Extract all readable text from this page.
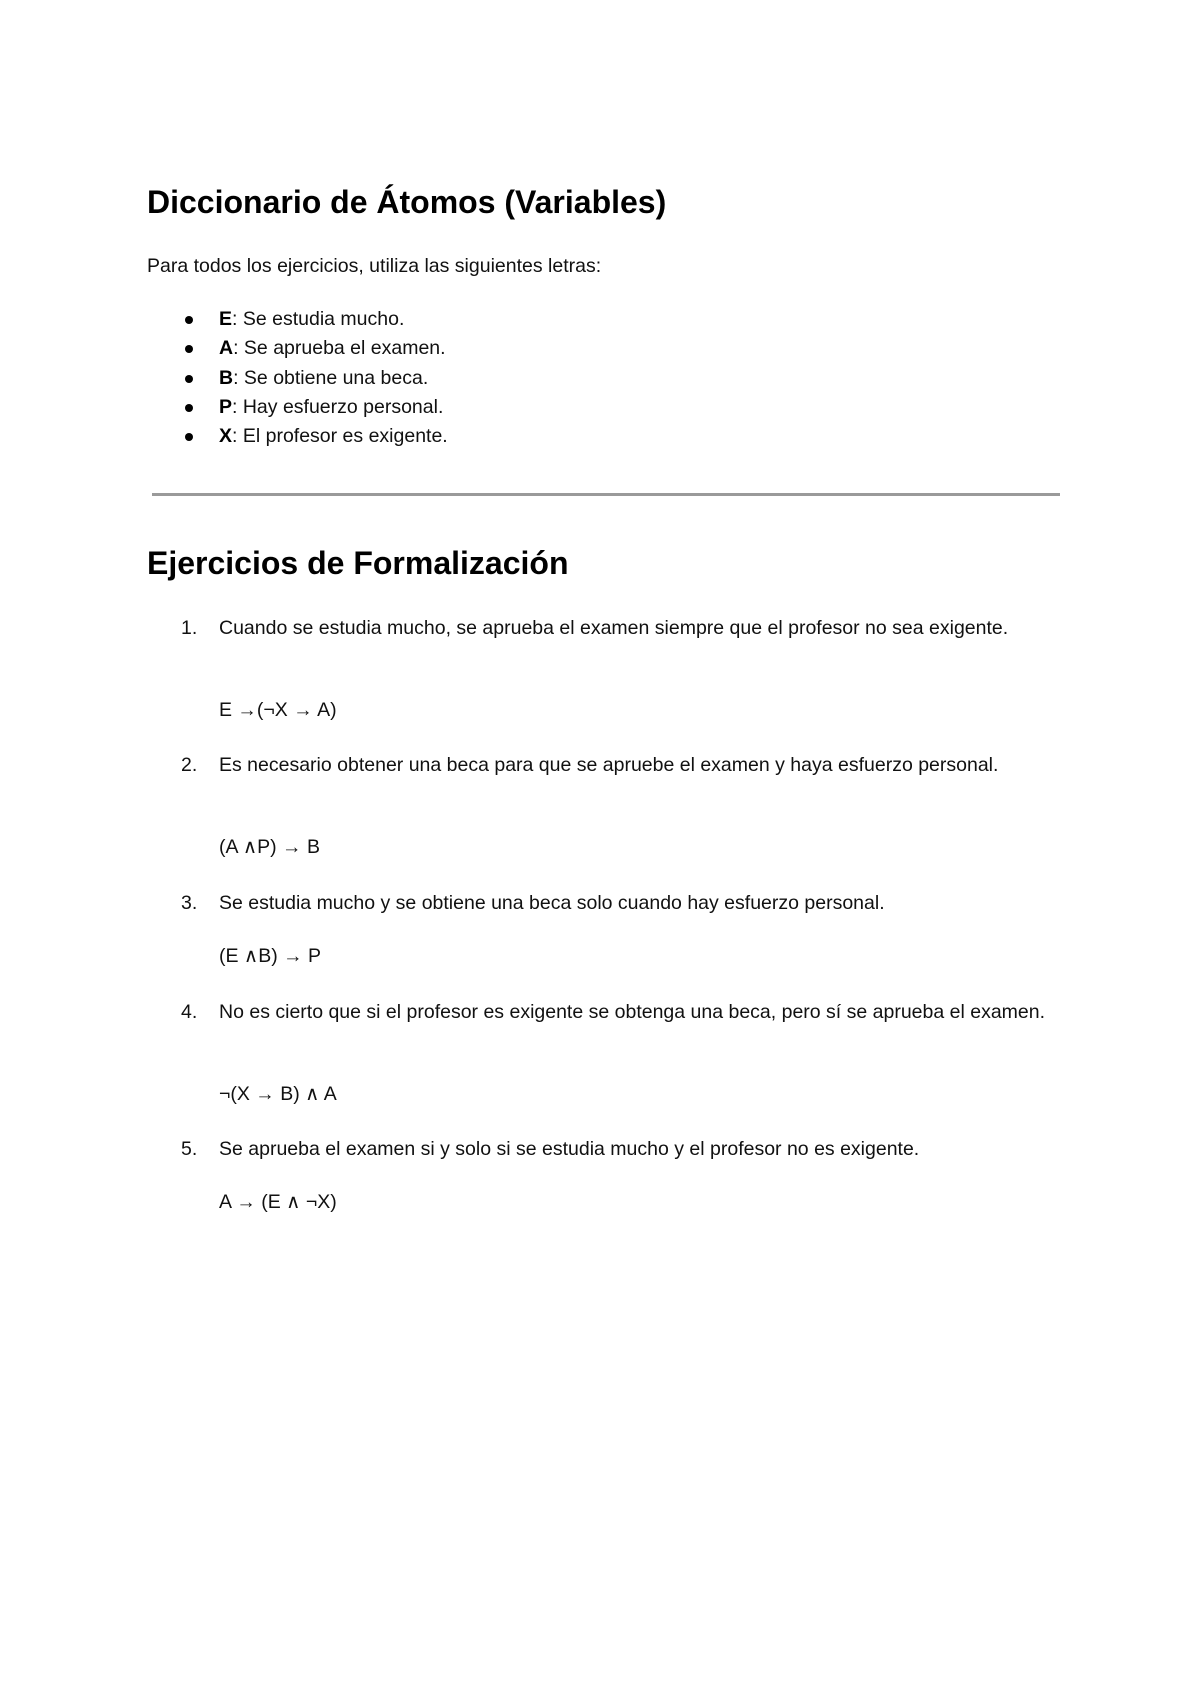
Diccionario de Átomos (Variables)
Para todos los ejercicios, utiliza las siguientes letras:
E: Se estudia mucho.
A: Se aprueba el examen.
B: Se obtiene una beca.
P: Hay esfuerzo personal.
X: El profesor es exigente.
Ejercicios de Formalización
1. Cuando se estudia mucho, se aprueba el examen siempre que el profesor no sea exigente.
E →(¬X → A)
2. Es necesario obtener una beca para que se apruebe el examen y haya esfuerzo personal.
(A ∧P) → B
3. Se estudia mucho y se obtiene una beca solo cuando hay esfuerzo personal.
(E ∧B) → P
4. No es cierto que si el profesor es exigente se obtenga una beca, pero sí se aprueba el examen.
¬(X → B) ∧ A
5. Se aprueba el examen si y solo si se estudia mucho y el profesor no es exigente.
A → (E ∧ ¬X)
